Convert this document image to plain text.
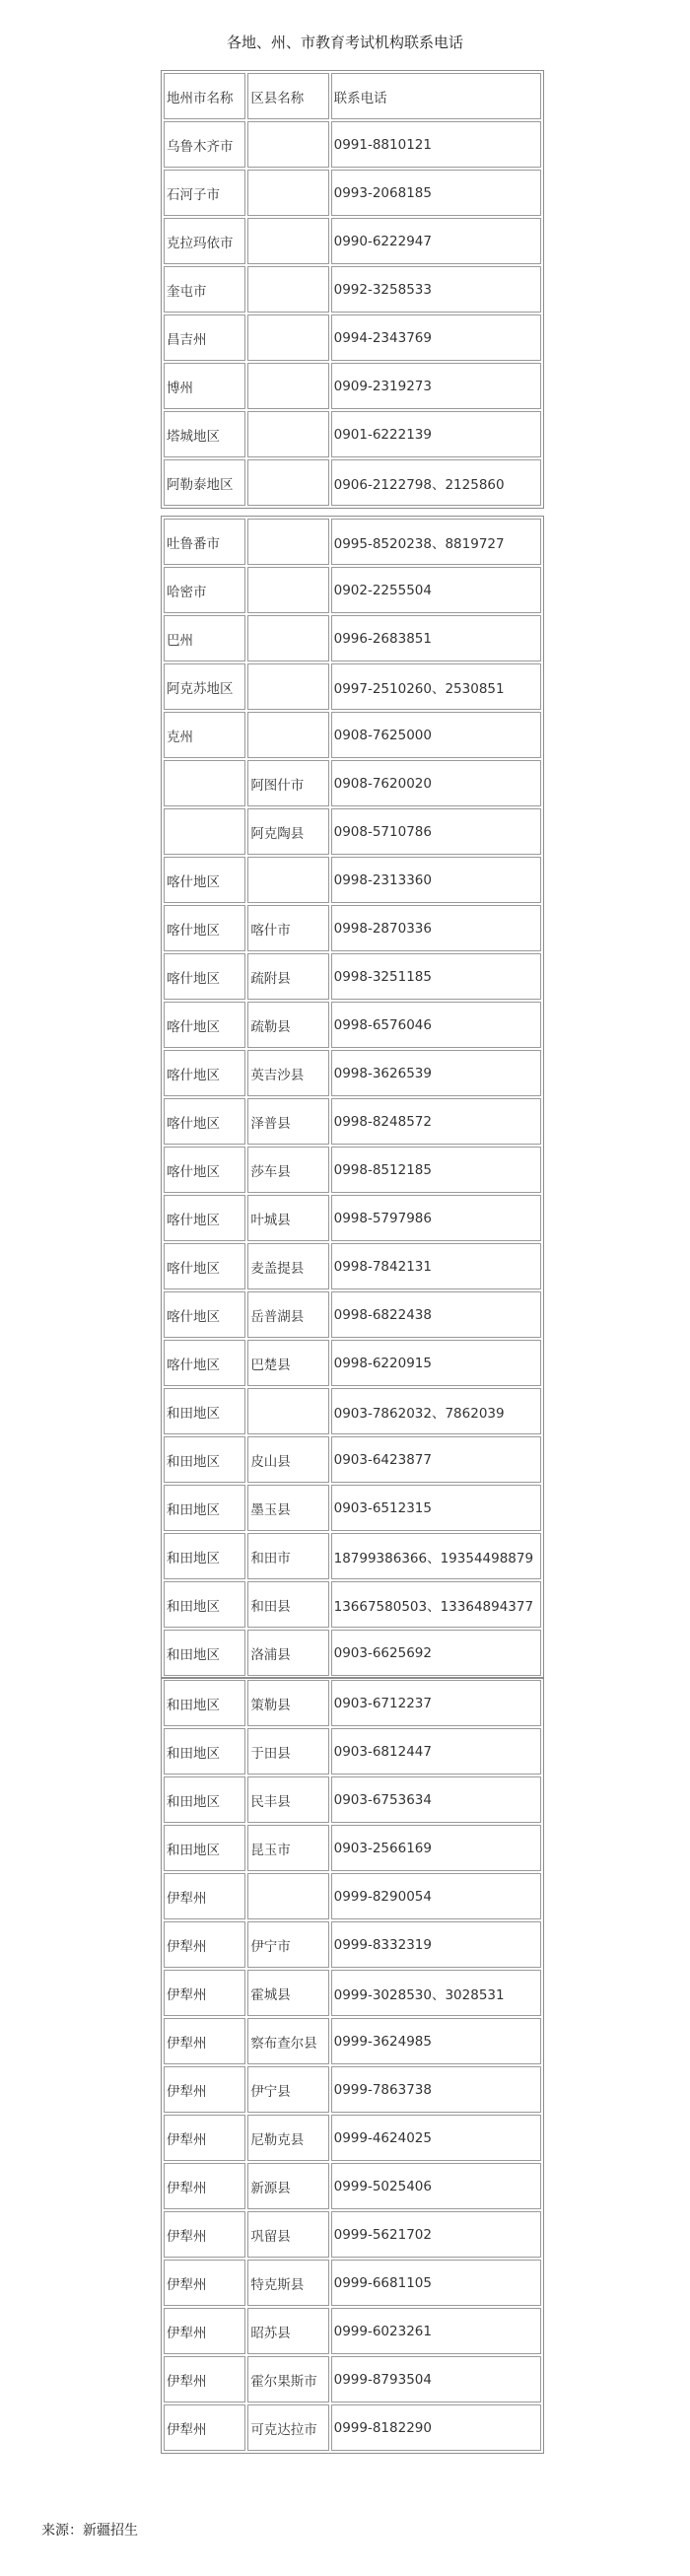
各地、州、市教育考试机构联系电话
地州市名称	区县名称	联系电话
乌鲁木齐市		0991-8810121
石河子市		0993-2068185
克拉玛依市		0990-6222947
奎屯市		0992-3258533
昌吉州		0994-2343769
博州		0909-2319273
塔城地区		0901-6222139
阿勒泰地区		0906-2122798、2125860
吐鲁番市		0995-8520238、8819727
哈密市		0902-2255504
巴州		0996-2683851
阿克苏地区		0997-2510260、2530851
克州		0908-7625000
	阿图什市	0908-7620020
	阿克陶县	0908-5710786
喀什地区		0998-2313360
喀什地区	喀什市	0998-2870336
喀什地区	疏附县	0998-3251185
喀什地区	疏勒县	0998-6576046
喀什地区	英吉沙县	0998-3626539
喀什地区	泽普县	0998-8248572
喀什地区	莎车县	0998-8512185
喀什地区	叶城县	0998-5797986
喀什地区	麦盖提县	0998-7842131
喀什地区	岳普湖县	0998-6822438
喀什地区	巴楚县	0998-6220915
和田地区		0903-7862032、7862039
和田地区	皮山县	0903-6423877
和田地区	墨玉县	0903-6512315
和田地区	和田市	18799386366、19354498879
和田地区	和田县	13667580503、13364894377
和田地区	洛浦县	0903-6625692
和田地区	策勒县	0903-6712237
和田地区	于田县	0903-6812447
和田地区	民丰县	0903-6753634
和田地区	昆玉市	0903-2566169
伊犁州		0999-8290054
伊犁州	伊宁市	0999-8332319
伊犁州	霍城县	0999-3028530、3028531
伊犁州	察布查尔县	0999-3624985
伊犁州	伊宁县	0999-7863738
伊犁州	尼勒克县	0999-4624025
伊犁州	新源县	0999-5025406
伊犁州	巩留县	0999-5621702
伊犁州	特克斯县	0999-6681105
伊犁州	昭苏县	0999-6023261
伊犁州	霍尔果斯市	0999-8793504
伊犁州	可克达拉市	0999-8182290
来源：新疆招生
